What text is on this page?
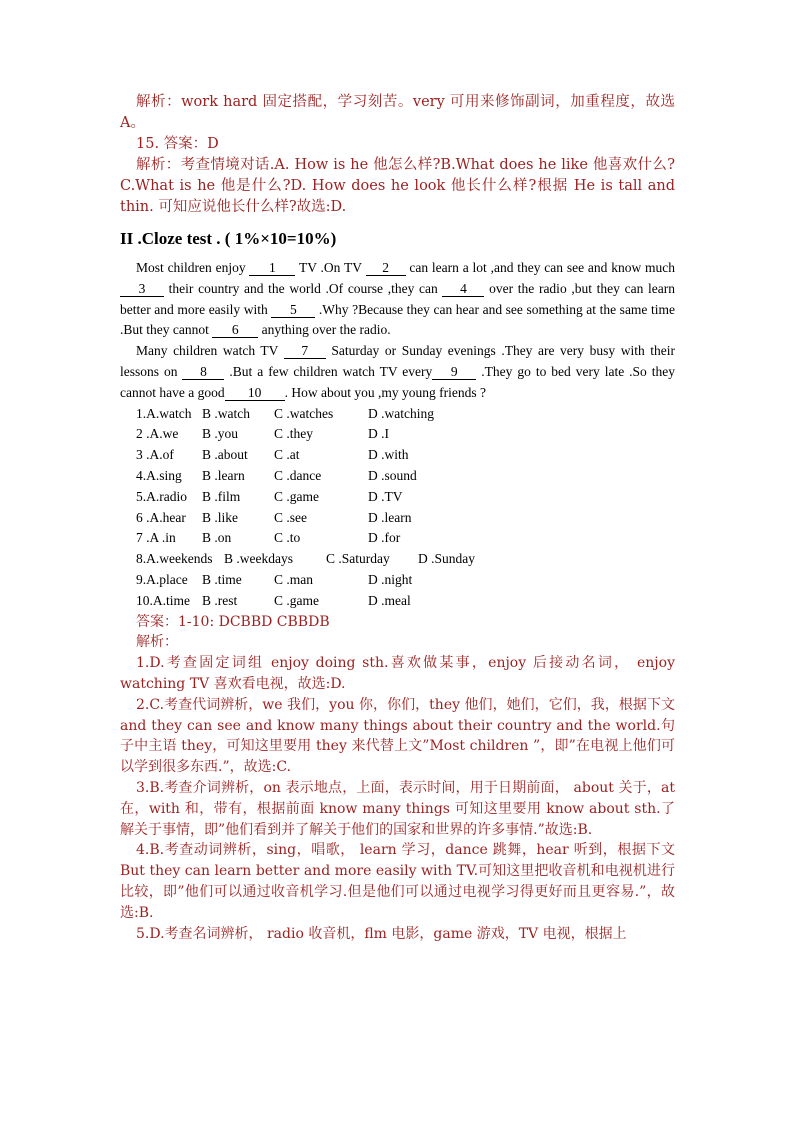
解析：work hard 固定搭配，学习刻苦。very 可用来修饰副词，加重程度，故选 A。

15. 答案：D

解析：考查情境对话.A. How is he 他怎么样?B.What does he like 他喜欢什么?C.What is he 他是什么?D. How does he look 他长什么样?根据 He is tall and thin. 可知应说他长什么样?故选:D.

II .Cloze test . ( 1%×10=10%)

Most children enjoy 1 TV .On TV 2 can learn a lot ,and they can see and know much 3 their country and the world .Of course ,they can 4 over the radio ,but they can learn better and more easily with 5 .Why ?Because they can hear and see something at the same time .But they cannot 6 anything over the radio.

Many children watch TV 7 Saturday or Sunday evenings .They are very busy with their lessons on 8 .But a few children watch TV every 9 .They go to bed very late .So they cannot have a good 10 . How about you ,my young friends ?

1.A.watch B .watch	C .watches	D .watching
2 .A.we	B .you	C .they	D .I
3 .A.of	B .about	C .at	D .with
4.A.sing	B .learn	C .dance	D .sound
5.A.radio	B .film	C .game	D .TV
6 .A.hear	B .like	C .see	D .learn
7 .A .in	B .on	C .to	D .for
8.A.weekends B .weekdays	C .Saturday	D .Sunday
9.A.place	B .time	C .man	D .night
10.A.time B .rest	C .game	D .meal

答案：1-10: DCBBD CBBDB

解析：

1.D.考查固定词组 enjoy doing sth.喜欢做某事，enjoy 后接动名词， enjoy watching TV 喜欢看电视，故选:D.

2.C.考查代词辨析，we 我们，you 你，你们，they 他们，她们，它们，我，根据下文 and they can see and know many things about their country and the world.句子中主语 they，可知这里要用 they 来代替上文”Most children ”，即”在电视上他们可以学到很多东西.”，故选:C.

3.B.考查介词辨析，on 表示地点，上面，表示时间，用于日期前面， about 关于，at 在，with 和，带有，根据前面 know many things 可知这里要用 know about sth.了解关于事情，即”他们看到并了解关于他们的国家和世界的许多事情.”故选:B.

4.B.考查动词辨析，sing，唱歌， learn 学习，dance 跳舞，hear 听到，根据下文 But they can learn better and more easily with TV.可知这里把收音机和电视机进行比较，即”他们可以通过收音机学习.但是他们可以通过电视学习得更好而且更容易.”，故选:B.

5.D.考查名词辨析， radio 收音机，flm 电影，game 游戏，TV 电视，根据上
